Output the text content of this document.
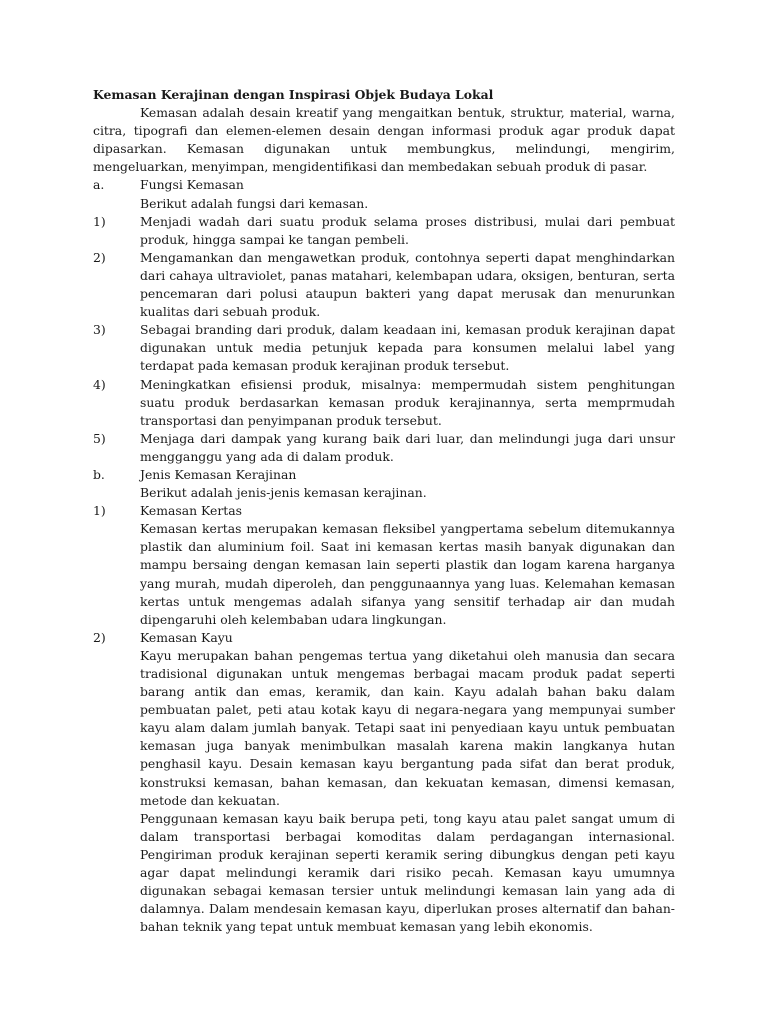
Kemasan Kerajinan dengan Inspirasi Objek Budaya Lokal
Kemasan adalah desain kreatif yang mengaitkan bentuk, struktur, material, warna, citra, tipografi dan elemen-elemen desain dengan informasi produk agar produk dapat dipasarkan. Kemasan digunakan untuk membungkus, melindungi, mengirim, mengeluarkan, menyimpan, mengidentifikasi dan membedakan sebuah produk di pasar.
a.	Fungsi Kemasan
Berikut adalah fungsi dari kemasan.
1)	Menjadi wadah dari suatu produk selama proses distribusi, mulai dari pembuat produk, hingga sampai ke tangan pembeli.
2)	Mengamankan dan mengawetkan produk, contohnya seperti dapat menghindarkan dari cahaya ultraviolet, panas matahari, kelembapan udara, oksigen, benturan, serta pencemaran dari polusi ataupun bakteri yang dapat merusak dan menurunkan kualitas dari sebuah produk.
3)	Sebagai branding dari produk, dalam keadaan ini, kemasan produk kerajinan dapat digunakan untuk media petunjuk kepada para konsumen melalui label yang terdapat pada kemasan produk kerajinan produk tersebut.
4)	Meningkatkan efisiensi produk, misalnya: mempermudah sistem penghitungan suatu produk berdasarkan kemasan produk kerajinannya, serta memprmudah transportasi dan penyimpanan produk tersebut.
5)	Menjaga dari dampak yang kurang baik dari luar, dan melindungi juga dari unsur mengganggu yang ada di dalam produk.
b.	Jenis Kemasan Kerajinan
Berikut adalah jenis-jenis kemasan kerajinan.
1)	Kemasan Kertas
Kemasan kertas merupakan kemasan fleksibel yangpertama sebelum ditemukannya plastik dan aluminium foil. Saat ini kemasan kertas masih banyak digunakan dan mampu bersaing dengan kemasan lain seperti plastik dan logam karena harganya yang murah, mudah diperoleh, dan penggunaannya yang luas. Kelemahan kemasan kertas untuk mengemas adalah sifanya yang sensitif terhadap air dan mudah dipengaruhi oleh kelembaban udara lingkungan.
2)	Kemasan Kayu
Kayu merupakan bahan pengemas tertua yang diketahui oleh manusia dan secara tradisional digunakan untuk mengemas berbagai macam produk padat seperti barang antik dan emas, keramik, dan kain. Kayu adalah bahan baku dalam pembuatan palet, peti atau kotak kayu di negara-negara yang mempunyai sumber kayu alam dalam jumlah banyak. Tetapi saat ini penyediaan kayu untuk pembuatan kemasan juga banyak menimbulkan masalah karena makin langkanya hutan penghasil kayu. Desain kemasan kayu bergantung pada sifat dan berat produk, konstruksi kemasan, bahan kemasan, dan kekuatan kemasan, dimensi kemasan, metode dan kekuatan.
Penggunaan kemasan kayu baik berupa peti, tong kayu atau palet sangat umum di dalam transportasi berbagai komoditas dalam perdagangan internasional. Pengiriman produk kerajinan seperti keramik sering dibungkus dengan peti kayu agar dapat melindungi keramik dari risiko pecah. Kemasan kayu umumnya digunakan sebagai kemasan tersier untuk melindungi kemasan lain yang ada di dalamnya. Dalam mendesain kemasan kayu, diperlukan proses alternatif dan bahan-bahan teknik yang tepat untuk membuat kemasan yang lebih ekonomis.
